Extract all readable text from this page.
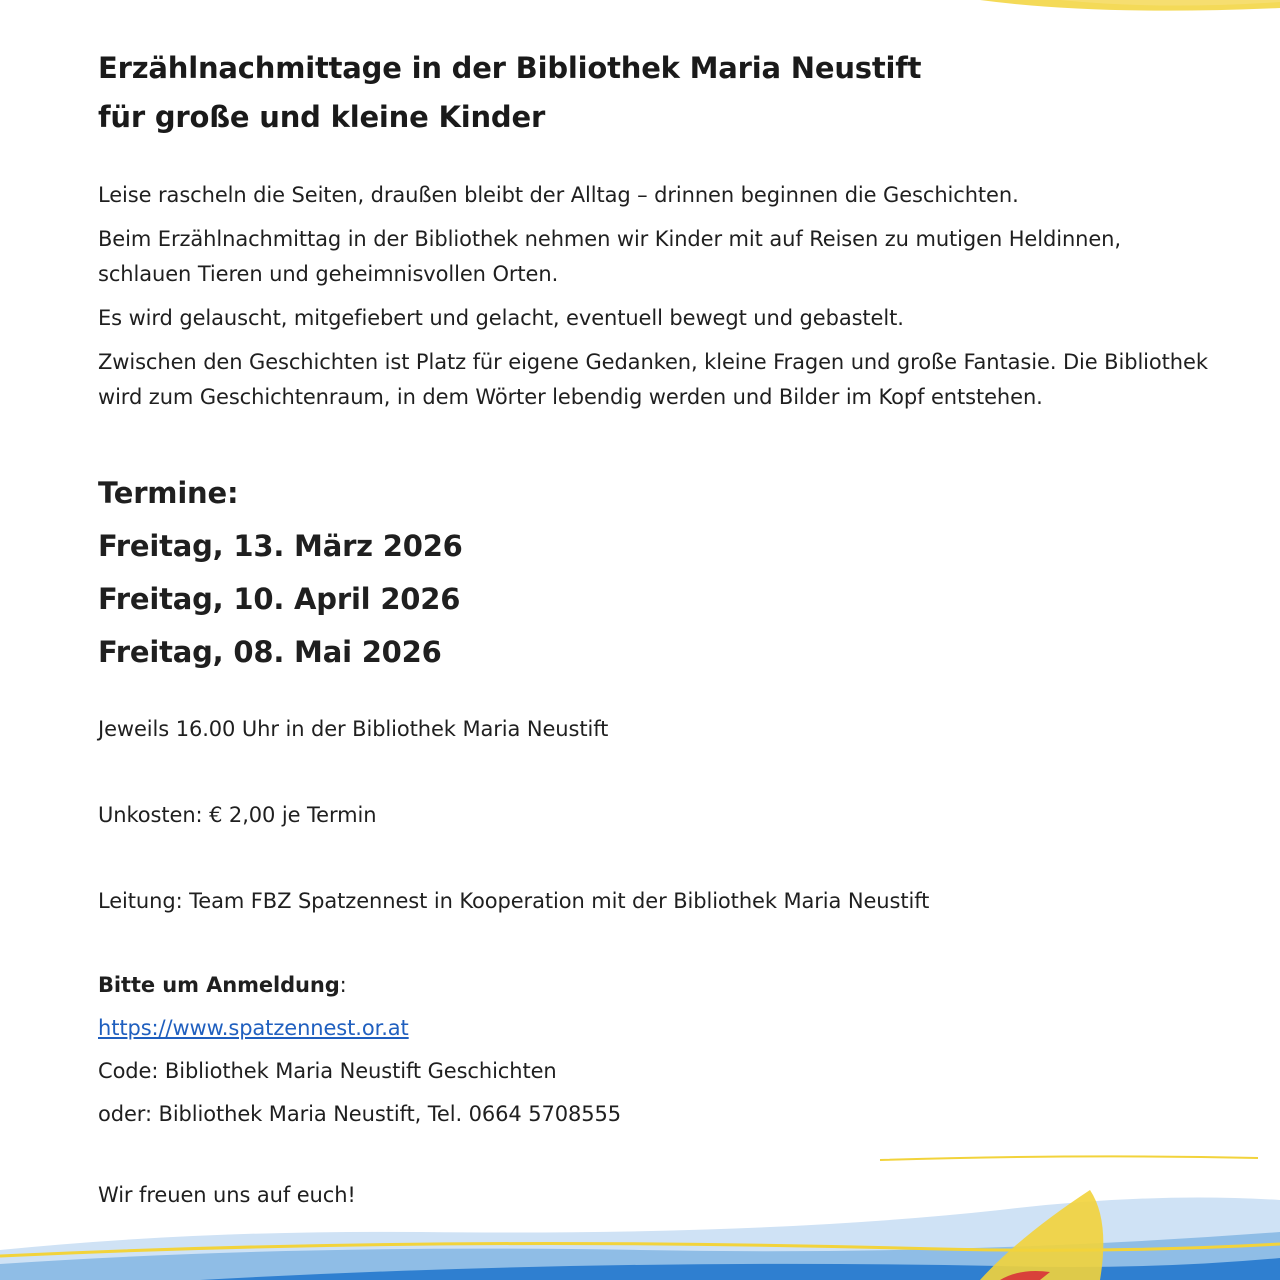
Erzählnachmittage in der Bibliothek Maria Neustift
für große und kleine Kinder

Leise rascheln die Seiten, draußen bleibt der Alltag – drinnen beginnen die Geschichten.

Beim Erzählnachmittag in der Bibliothek nehmen wir Kinder mit auf Reisen zu mutigen Heldinnen, schlauen Tieren und geheimnisvollen Orten.

Es wird gelauscht, mitgefiebert und gelacht, eventuell bewegt und gebastelt.

Zwischen den Geschichten ist Platz für eigene Gedanken, kleine Fragen und große Fantasie. Die Bibliothek wird zum Geschichtenraum, in dem Wörter lebendig werden und Bilder im Kopf entstehen.

Termine:
Freitag, 13. März 2026
Freitag, 10. April 2026
Freitag, 08. Mai 2026

Jeweils 16.00 Uhr in der Bibliothek Maria Neustift

Unkosten: € 2,00 je Termin

Leitung: Team FBZ Spatzennest in Kooperation mit der Bibliothek Maria Neustift

Bitte um Anmeldung:
https://www.spatzennest.or.at
Code: Bibliothek Maria Neustift Geschichten
oder: Bibliothek Maria Neustift, Tel. 0664 5708555
Wir freuen uns auf euch!
